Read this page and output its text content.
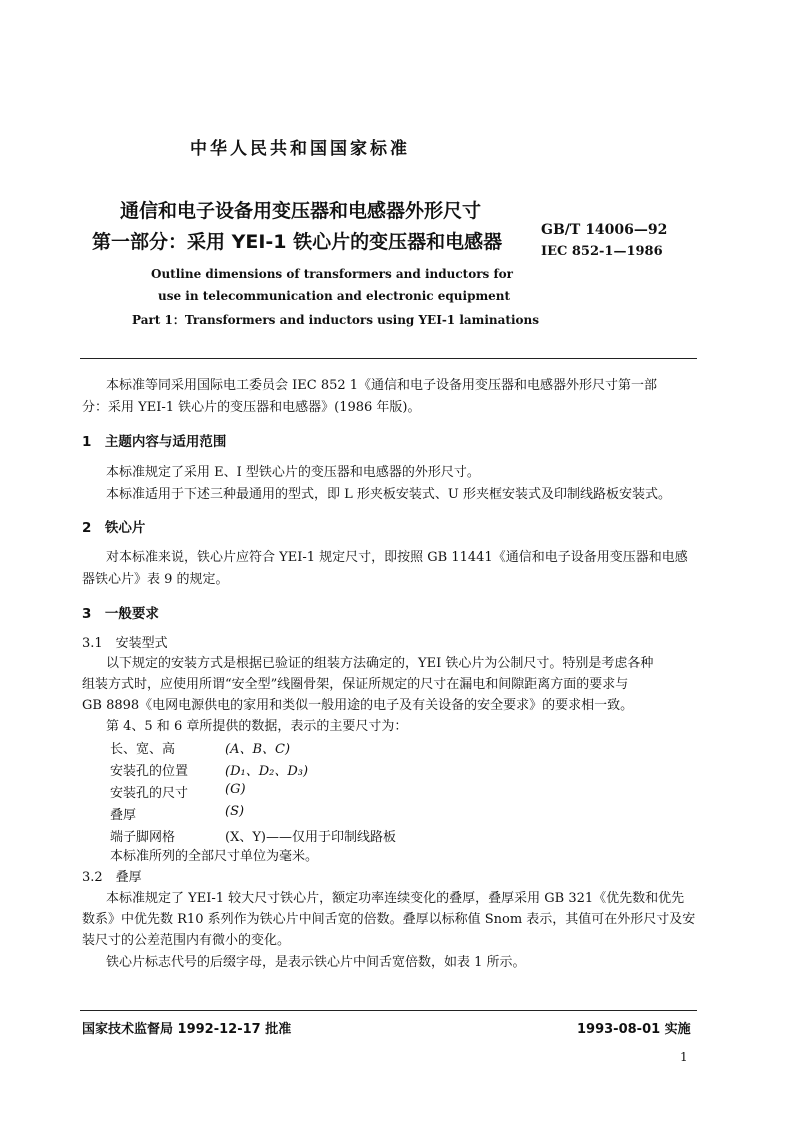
中华人民共和国国家标准
通信和电子设备用变压器和电感器外形尺寸
第一部分：采用 YEI-1 铁心片的变压器和电感器
GB/T 14006—92
IEC 852-1—1986
Outline dimensions of transformers and inductors for
use in telecommunication and electronic equipment
Part 1：Transformers and inductors using YEI-1 laminations
本标准等同采用国际电工委员会 IEC 852 1《通信和电子设备用变压器和电感器外形尺寸第一部
分：采用 YEI-1 铁心片的变压器和电感器》(1986 年版)。
1　主题内容与适用范围
本标准规定了采用 E、I 型铁心片的变压器和电感器的外形尺寸。
本标准适用于下述三种最通用的型式，即 L 形夹板安装式、U 形夹框安装式及印制线路板安装式。
2　铁心片
对本标准来说，铁心片应符合 YEI-1 规定尺寸，即按照 GB 11441《通信和电子设备用变压器和电感
器铁心片》表 9 的规定。
3　一般要求
3.1　安装型式
以下规定的安装方式是根据已验证的组装方法确定的，YEI 铁心片为公制尺寸。特别是考虑各种
组装方式时，应使用所谓“安全型”线圈骨架，保证所规定的尺寸在漏电和间隙距离方面的要求与
GB 8898《电网电源供电的家用和类似一般用途的电子及有关设备的安全要求》的要求相一致。
第 4、5 和 6 章所提供的数据，表示的主要尺寸为：
长、宽、高	(A、B、C)
安装孔的位置	(D₁、D₂、D₃)
安装孔的尺寸	(G)
叠厚	(S)
端子脚网格	(X、Y)——仅用于印制线路板
本标准所列的全部尺寸单位为毫米。
3.2　叠厚
本标准规定了 YEI-1 较大尺寸铁心片，额定功率连续变化的叠厚，叠厚采用 GB 321《优先数和优先
数系》中优先数 R10 系列作为铁心片中间舌宽的倍数。叠厚以标称值 Snom 表示，其值可在外形尺寸及安
装尺寸的公差范围内有微小的变化。
铁心片标志代号的后缀字母，是表示铁心片中间舌宽倍数，如表 1 所示。
国家技术监督局 1992-12-17 批准	1993-08-01 实施
1
